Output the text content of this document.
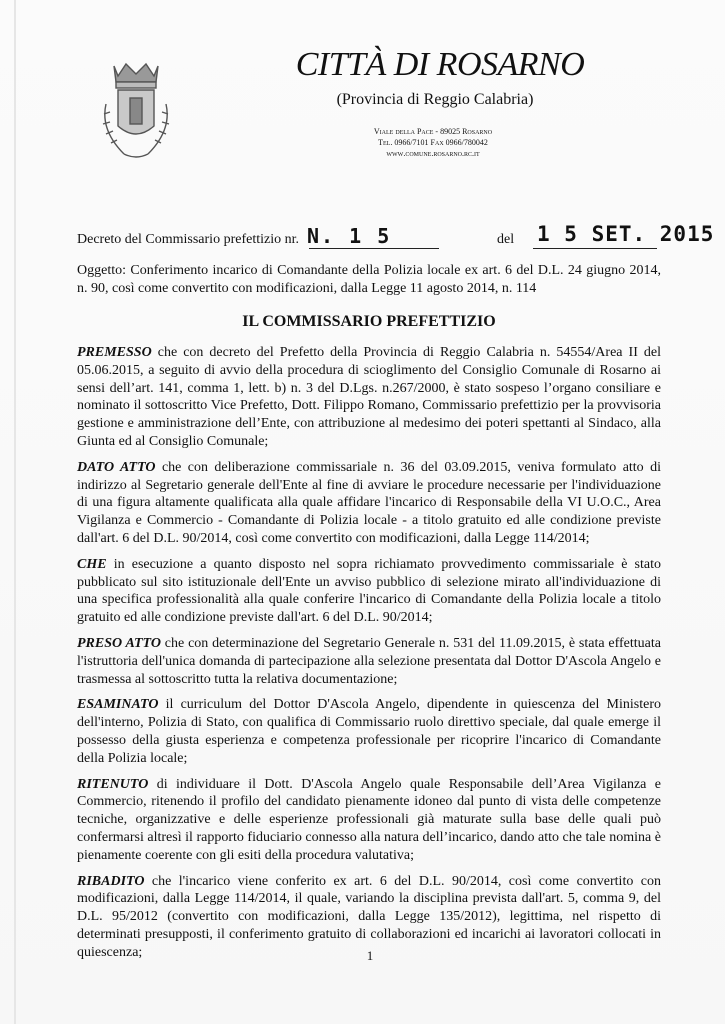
CITTÀ DI ROSARNO
(Provincia di Reggio Calabria)
Viale della Pace - 89025 Rosarno
Tel. 0966/7101 Fax 0966/780042
www.comune.rosarno.rc.it
Decreto del Commissario prefettizio nr. N. 1 5	del 1 5 SET. 2015
Oggetto: Conferimento incarico di Comandante della Polizia locale ex art. 6 del D.L. 24 giugno 2014, n. 90, così come convertito con modificazioni, dalla Legge 11 agosto 2014, n. 114
IL COMMISSARIO PREFETTIZIO

PREMESSO che con decreto del Prefetto della Provincia di Reggio Calabria n. 54554/Area II del 05.06.2015, a seguito di avvio della procedura di scioglimento del Consiglio Comunale di Rosarno ai sensi dell’art. 141, comma 1, lett. b) n. 3 del D.Lgs. n.267/2000, è stato sospeso l’organo consiliare e nominato il sottoscritto Vice Prefetto, Dott. Filippo Romano, Commissario prefettizio per la provvisoria gestione e amministrazione dell’Ente, con attribuzione al medesimo dei poteri spettanti al Sindaco, alla Giunta ed al Consiglio Comunale;

DATO ATTO che con deliberazione commissariale n. 36 del 03.09.2015, veniva formulato atto di indirizzo al Segretario generale dell'Ente al fine di avviare le procedure necessarie per l'individuazione di una figura altamente qualificata alla quale affidare l'incarico di Responsabile della VI U.O.C., Area Vigilanza e Commercio - Comandante di Polizia locale - a titolo gratuito ed alle condizione previste dall'art. 6 del D.L. 90/2014, così come convertito con modificazioni, dalla Legge 114/2014;

CHE in esecuzione a quanto disposto nel sopra richiamato provvedimento commissariale è stato pubblicato sul sito istituzionale dell'Ente un avviso pubblico di selezione mirato all'individuazione di una specifica professionalità alla quale conferire l'incarico di Comandante della Polizia locale a titolo gratuito ed alle condizione previste dall'art. 6 del D.L. 90/2014;

PRESO ATTO che con determinazione del Segretario Generale n. 531 del 11.09.2015, è stata effettuata l'istruttoria dell'unica domanda di partecipazione alla selezione presentata dal Dottor D'Ascola Angelo e trasmessa al sottoscritto tutta la relativa documentazione;

ESAMINATO il curriculum del Dottor D'Ascola Angelo, dipendente in quiescenza del Ministero dell'interno, Polizia di Stato, con qualifica di Commissario ruolo direttivo speciale, dal quale emerge il possesso della giusta esperienza e competenza professionale per ricoprire l'incarico di Comandante della Polizia locale;

RITENUTO di individuare il Dott. D'Ascola Angelo quale Responsabile dell’Area Vigilanza e Commercio, ritenendo il profilo del candidato pienamente idoneo dal punto di vista delle competenze tecniche, organizzative e delle esperienze professionali già maturate sulla base delle quali può confermarsi altresì il rapporto fiduciario connesso alla natura dell’incarico, dando atto che tale nomina è pienamente coerente con gli esiti della procedura valutativa;

RIBADITO che l'incarico viene conferito ex art. 6 del D.L. 90/2014, così come convertito con modificazioni, dalla Legge 114/2014, il quale, variando la disciplina prevista dall'art. 5, comma 9, del D.L. 95/2012 (convertito con modificazioni, dalla Legge 135/2012), legittima, nel rispetto di determinati presupposti, il conferimento gratuito di collaborazioni ed incarichi ai lavoratori collocati in quiescenza;	1
